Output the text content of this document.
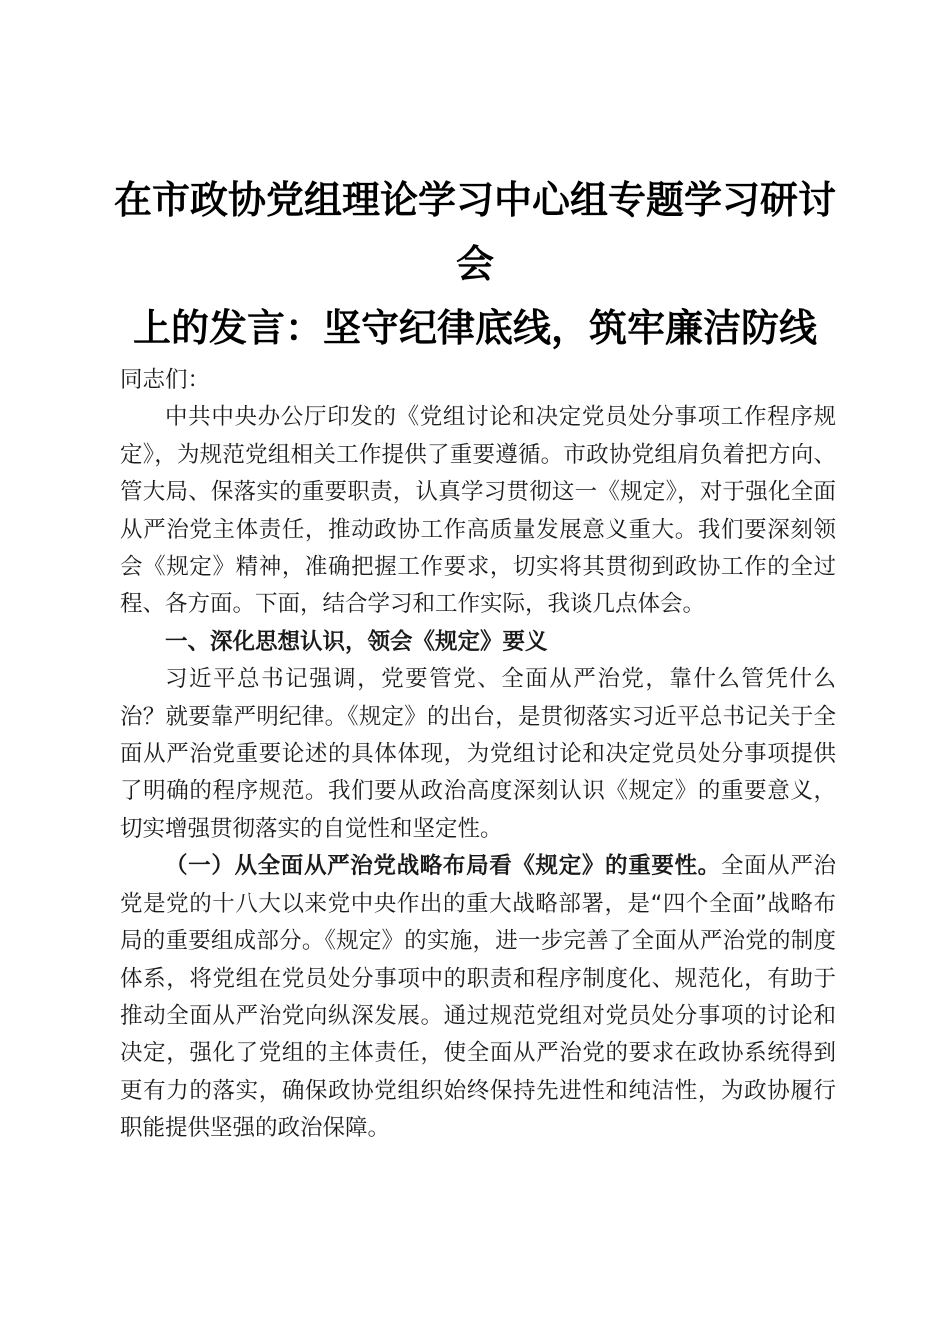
在市政协党组理论学习中心组专题学习研讨会
上的发言：坚守纪律底线，筑牢廉洁防线

同志们：

中共中央办公厅印发的《党组讨论和决定党员处分事项工作程序规定》，为规范党组相关工作提供了重要遵循。市政协党组肩负着把方向、管大局、保落实的重要职责，认真学习贯彻这一《规定》，对于强化全面从严治党主体责任，推动政协工作高质量发展意义重大。我们要深刻领会《规定》精神，准确把握工作要求，切实将其贯彻到政协工作的全过程、各方面。下面，结合学习和工作实际，我谈几点体会。

一、深化思想认识，领会《规定》要义

习近平总书记强调，党要管党、全面从严治党，靠什么管凭什么治？就要靠严明纪律。《规定》的出台，是贯彻落实习近平总书记关于全面从严治党重要论述的具体体现，为党组讨论和决定党员处分事项提供了明确的程序规范。我们要从政治高度深刻认识《规定》的重要意义，切实增强贯彻落实的自觉性和坚定性。

（一）从全面从严治党战略布局看《规定》的重要性。全面从严治党是党的十八大以来党中央作出的重大战略部署，是“四个全面”战略布局的重要组成部分。《规定》的实施，进一步完善了全面从严治党的制度体系，将党组在党员处分事项中的职责和程序制度化、规范化，有助于推动全面从严治党向纵深发展。通过规范党组对党员处分事项的讨论和决定，强化了党组的主体责任，使全面从严治党的要求在政协系统得到更有力的落实，确保政协党组织始终保持先进性和纯洁性，为政协履行职能提供坚强的政治保障。
